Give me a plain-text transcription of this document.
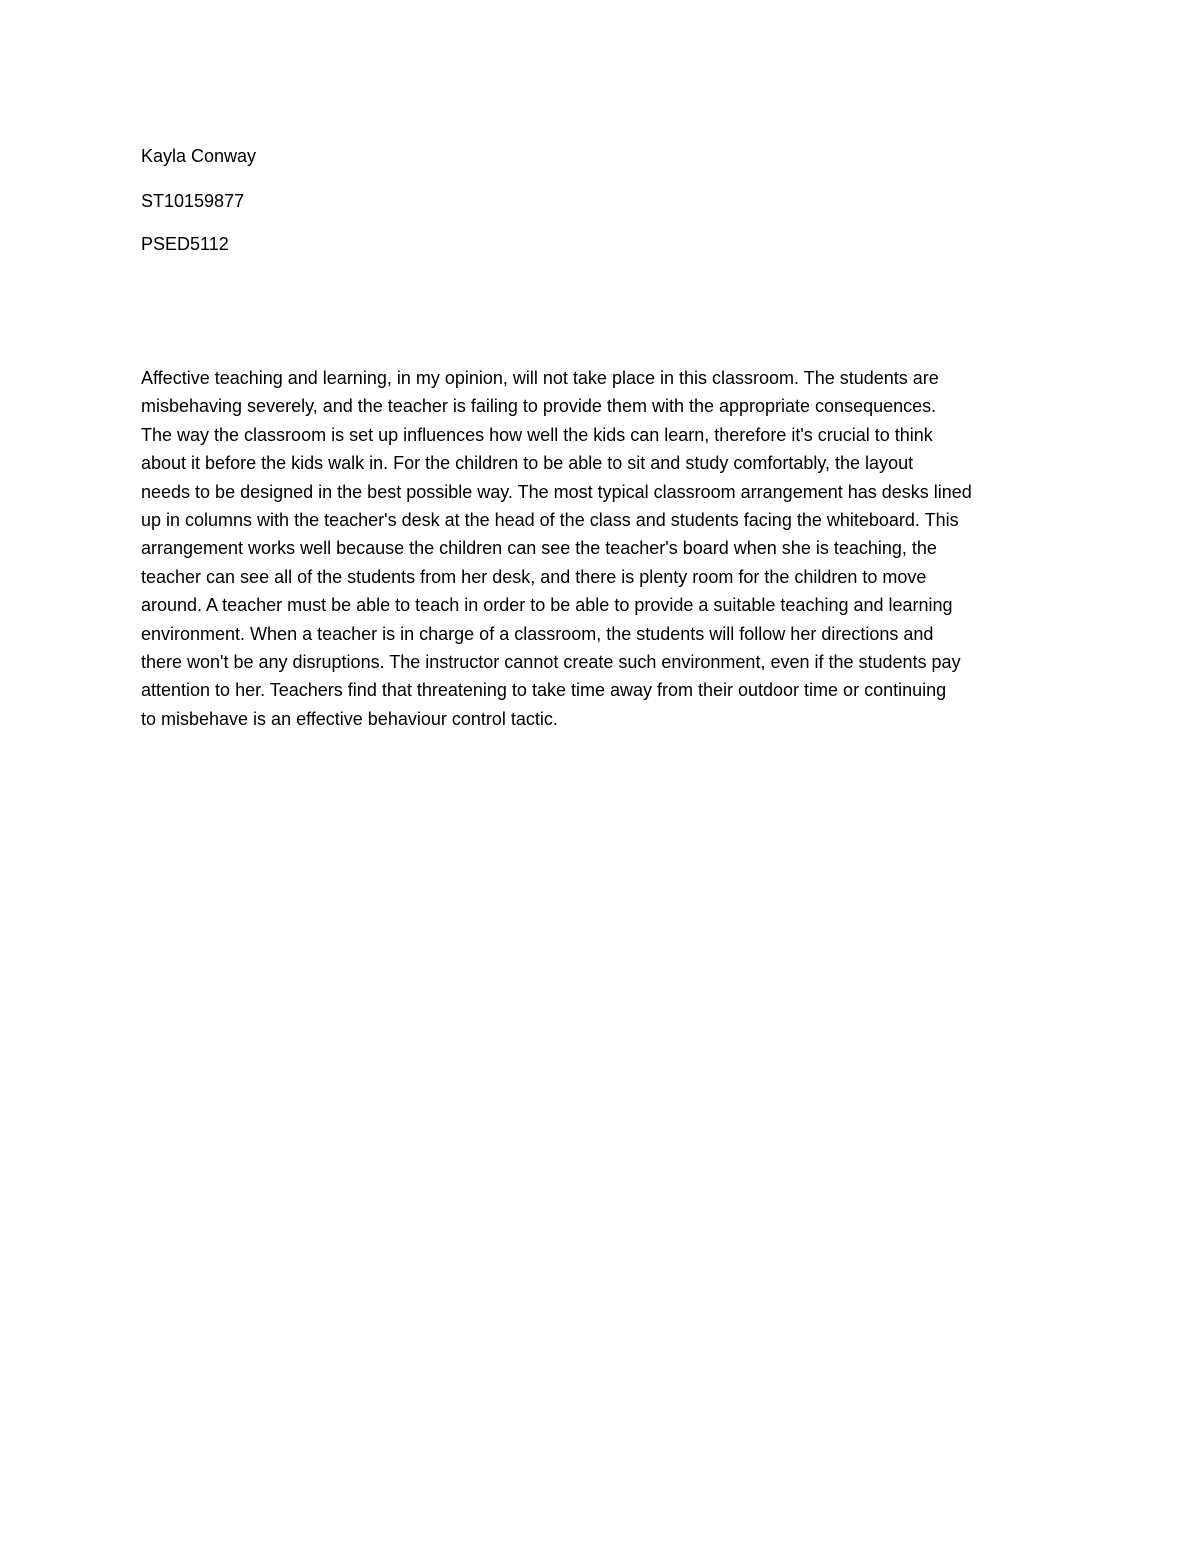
Kayla Conway
ST10159877
PSED5112
Affective teaching and learning, in my opinion, will not take place in this classroom. The students are
misbehaving severely, and the teacher is failing to provide them with the appropriate consequences.
The way the classroom is set up influences how well the kids can learn, therefore it's crucial to think
about it before the kids walk in. For the children to be able to sit and study comfortably, the layout
needs to be designed in the best possible way. The most typical classroom arrangement has desks lined
up in columns with the teacher's desk at the head of the class and students facing the whiteboard. This
arrangement works well because the children can see the teacher's board when she is teaching, the
teacher can see all of the students from her desk, and there is plenty room for the children to move
around. A teacher must be able to teach in order to be able to provide a suitable teaching and learning
environment. When a teacher is in charge of a classroom, the students will follow her directions and
there won't be any disruptions. The instructor cannot create such environment, even if the students pay
attention to her. Teachers find that threatening to take time away from their outdoor time or continuing
to misbehave is an effective behaviour control tactic.
